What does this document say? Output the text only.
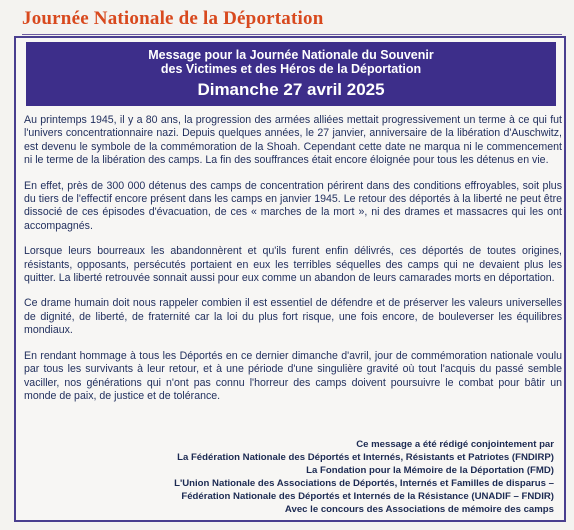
Journée Nationale de la Déportation
Message pour la Journée Nationale du Souvenir
des Victimes et des Héros de la Déportation
Dimanche 27 avril 2025

Au printemps 1945, il y a 80 ans, la progression des armées alliées mettait progressivement un terme à ce qui fut l'univers concentrationnaire nazi. Depuis quelques années, le 27 janvier, anniversaire de la libération d'Auschwitz, est devenu le symbole de la commémoration de la Shoah. Cependant cette date ne marqua ni le commencement ni le terme de la libération des camps. La fin des souffrances était encore éloignée pour tous les détenus en vie.

En effet, près de 300 000 détenus des camps de concentration périrent dans des conditions effroyables, soit plus du tiers de l'effectif encore présent dans les camps en janvier 1945. Le retour des déportés à la liberté ne peut être dissocié de ces épisodes d'évacuation, de ces « marches de la mort », ni des drames et massacres qui les ont accompagnés.

Lorsque leurs bourreaux les abandonnèrent et qu'ils furent enfin délivrés, ces déportés de toutes origines, résistants, opposants, persécutés portaient en eux les terribles séquelles des camps qui ne devaient plus les quitter. La liberté retrouvée sonnait aussi pour eux comme un abandon de leurs camarades morts en déportation.

Ce drame humain doit nous rappeler combien il est essentiel de défendre et de préserver les valeurs universelles de dignité, de liberté, de fraternité car la loi du plus fort risque, une fois encore, de bouleverser les équilibres mondiaux.

En rendant hommage à tous les Déportés en ce dernier dimanche d'avril, jour de commémoration nationale voulu par tous les survivants à leur retour, et à une période d'une singulière gravité où tout l'acquis du passé semble vaciller, nos générations qui n'ont pas connu l'horreur des camps doivent poursuivre le combat pour bâtir un monde de paix, de justice et de tolérance.

Ce message a été rédigé conjointement par
La Fédération Nationale des Déportés et Internés, Résistants et Patriotes (FNDIRP)
La Fondation pour la Mémoire de la Déportation (FMD)
L'Union Nationale des Associations de Déportés, Internés et Familles de disparus –
Fédération Nationale des Déportés et Internés de la Résistance (UNADIF – FNDIR)
Avec le concours des Associations de mémoire des camps
